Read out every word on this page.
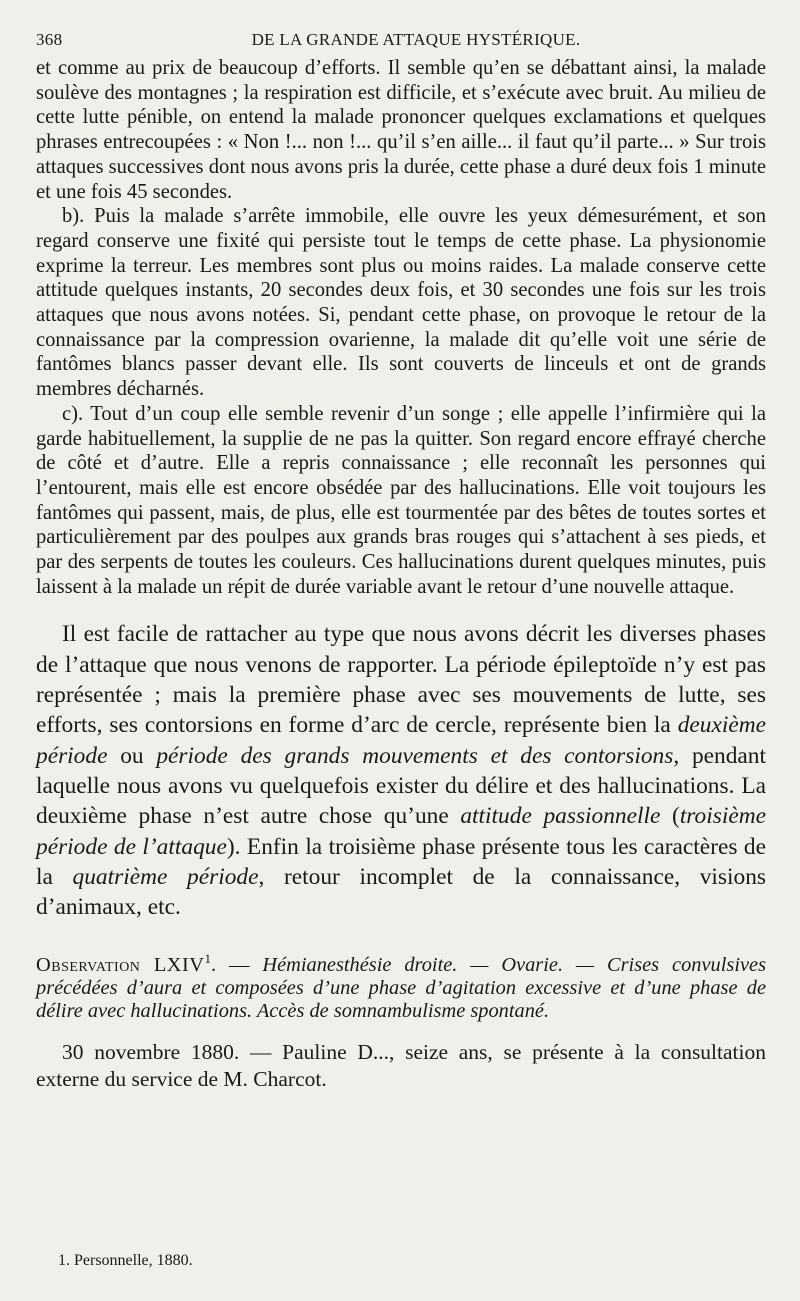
368	DE LA GRANDE ATTAQUE HYSTÉRIQUE.

et comme au prix de beaucoup d’efforts. Il semble qu’en se débattant ainsi, la malade soulève des montagnes ; la respiration est difficile, et s’exécute avec bruit. Au milieu de cette lutte pénible, on entend la malade prononcer quelques exclamations et quelques phrases entrecoupées : « Non !... non !... qu’il s’en aille... il faut qu’il parte... » Sur trois attaques successives dont nous avons pris la durée, cette phase a duré deux fois 1 minute et une fois 45 secondes.

b). Puis la malade s’arrête immobile, elle ouvre les yeux démesurément, et son regard conserve une fixité qui persiste tout le temps de cette phase. La physionomie exprime la terreur. Les membres sont plus ou moins raides. La malade conserve cette attitude quelques instants, 20 secondes deux fois, et 30 secondes une fois sur les trois attaques que nous avons notées. Si, pendant cette phase, on provoque le retour de la connaissance par la compression ovarienne, la malade dit qu’elle voit une série de fantômes blancs passer devant elle. Ils sont couverts de linceuls et ont de grands membres décharnés.

c). Tout d’un coup elle semble revenir d’un songe ; elle appelle l’infirmière qui la garde habituellement, la supplie de ne pas la quitter. Son regard encore effrayé cherche de côté et d’autre. Elle a repris connaissance ; elle reconnaît les personnes qui l’entourent, mais elle est encore obsédée par des hallucinations. Elle voit toujours les fantômes qui passent, mais, de plus, elle est tourmentée par des bêtes de toutes sortes et particulièrement par des poulpes aux grands bras rouges qui s’attachent à ses pieds, et par des serpents de toutes les couleurs. Ces hallucinations durent quelques minutes, puis laissent à la malade un répit de durée variable avant le retour d’une nouvelle attaque.

Il est facile de rattacher au type que nous avons décrit les diverses phases de l’attaque que nous venons de rapporter. La période épileptoïde n’y est pas représentée ; mais la première phase avec ses mouvements de lutte, ses efforts, ses contorsions en forme d’arc de cercle, représente bien la deuxième période ou période des grands mouvements et des contorsions, pendant laquelle nous avons vu quelquefois exister du délire et des hallucinations. La deuxième phase n’est autre chose qu’une attitude passionnelle (troisième période de l’attaque). Enfin la troisième phase présente tous les caractères de la quatrième période, retour incomplet de la connaissance, visions d’animaux, etc.

Observation LXIV$^1$. — Hémianesthésie droite. — Ovarie. — Crises convulsives précédées d’aura et composées d’une phase d’agitation excessive et d’une phase de délire avec hallucinations. Accès de somnambulisme spontané.

30 novembre 1880. — Pauline D..., seize ans, se présente à la consultation externe du service de M. Charcot.

1. Personnelle, 1880.
